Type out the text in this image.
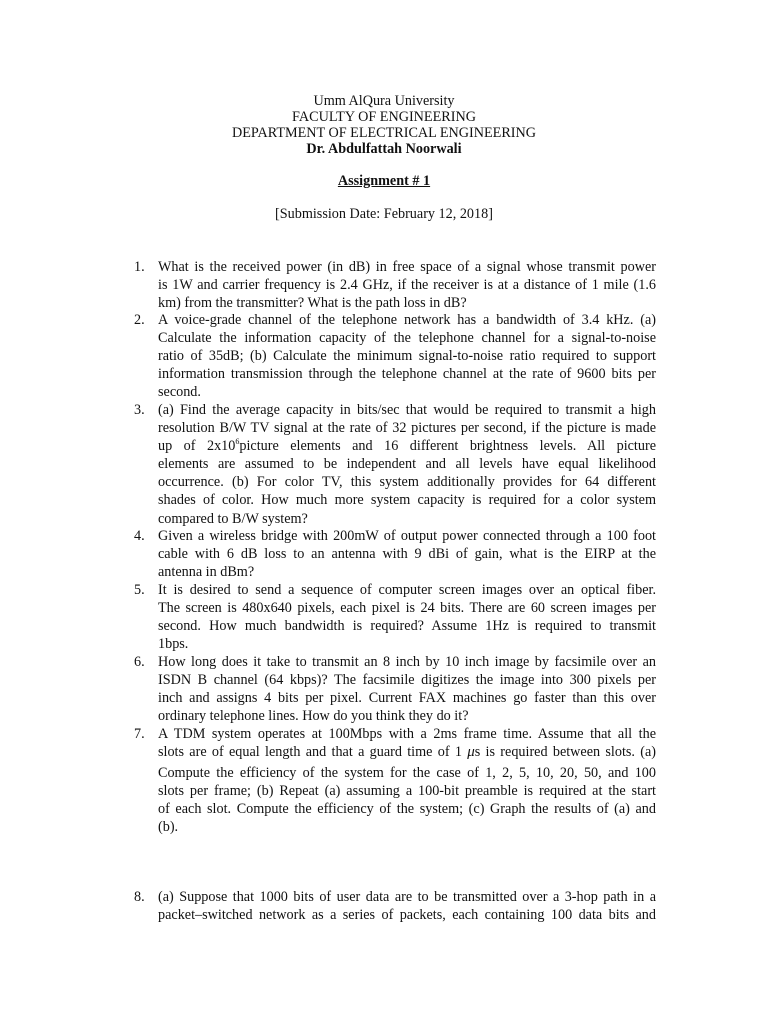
Umm AlQura University
FACULTY OF ENGINEERING
DEPARTMENT OF ELECTRICAL ENGINEERING
Dr. Abdulfattah Noorwali
Assignment # 1
[Submission Date: February 12, 2018]
1. What is the received power (in dB) in free space of a signal whose transmit power
is 1W and carrier frequency is 2.4 GHz, if the receiver is at a distance of 1 mile (1.6
km) from the transmitter? What is the path loss in dB?
2. A voice-grade channel of the telephone network has a bandwidth of 3.4 kHz. (a)
Calculate the information capacity of the telephone channel for a signal-to-noise
ratio of 35dB; (b) Calculate the minimum signal-to-noise ratio required to support
information transmission through the telephone channel at the rate of 9600 bits per
second.
3. (a) Find the average capacity in bits/sec that would be required to transmit a high
resolution B/W TV signal at the rate of 32 pictures per second, if the picture is made
up of $2x10^6picture$ elements and 16 different brightness levels. All picture
elements are assumed to be independent and all levels have equal likelihood
occurrence. (b) For color TV, this system additionally provides for 64 different
shades of color. How much more system capacity is required for a color system
compared to B/W system?
4. Given a wireless bridge with 200mW of output power connected through a 100 foot
cable with 6 dB loss to an antenna with 9 dBi of gain, what is the EIRP at the
antenna in dBm?
5. It is desired to send a sequence of computer screen images over an optical fiber.
The screen is 480x640 pixels, each pixel is 24 bits. There are 60 screen images per
second. How much bandwidth is required? Assume 1Hz is required to transmit
1bps.
6. How long does it take to transmit an 8 inch by 10 inch image by facsimile over an
ISDN B channel (64 kbps)? The facsimile digitizes the image into 300 pixels per
inch and assigns 4 bits per pixel. Current FAX machines go faster than this over
ordinary telephone lines. How do you think they do it?
7. A TDM system operates at 100Mbps with a 2ms frame time. Assume that all the
slots are of equal length and that a guard time of 1 μs is required between slots. (a)
Compute the efficiency of the system for the case of 1, 2, 5, 10, 20, 50, and 100
slots per frame; (b) Repeat (a) assuming a 100-bit preamble is required at the start
of each slot. Compute the efficiency of the system; (c) Graph the results of (a) and
(b).
8. (a) Suppose that 1000 bits of user data are to be transmitted over a 3-hop path in a
packet–switched network as a series of packets, each containing 100 data bits and
